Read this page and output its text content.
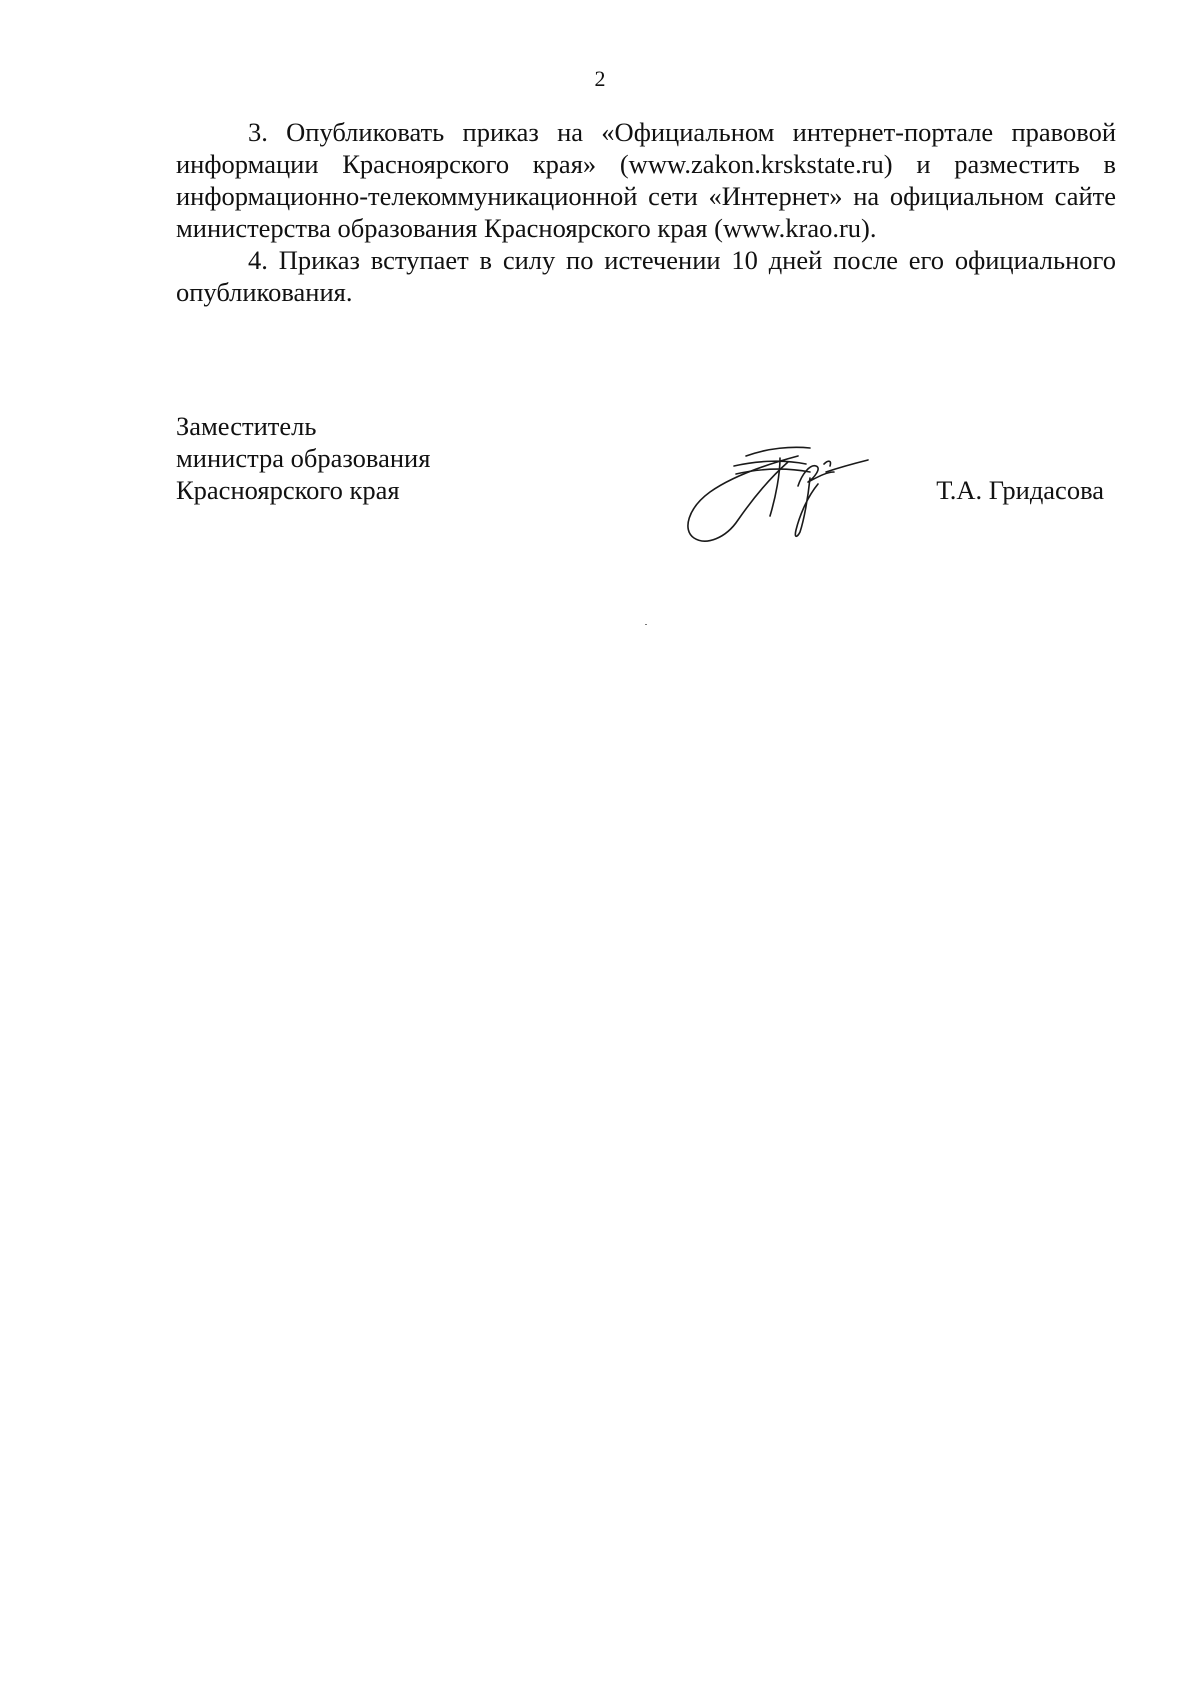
2

3. Опубликовать приказ на «Официальном интернет-портале правовой информации Красноярского края» (www.zakon.krskstate.ru) и разместить в информационно-телекоммуникационной сети «Интернет» на официальном сайте министерства образования Красноярского края (www.krao.ru).

4. Приказ вступает в силу по истечении 10 дней после его официального опубликования.

Заместитель
министра образования
Красноярского края	Т.А. Гридасова
